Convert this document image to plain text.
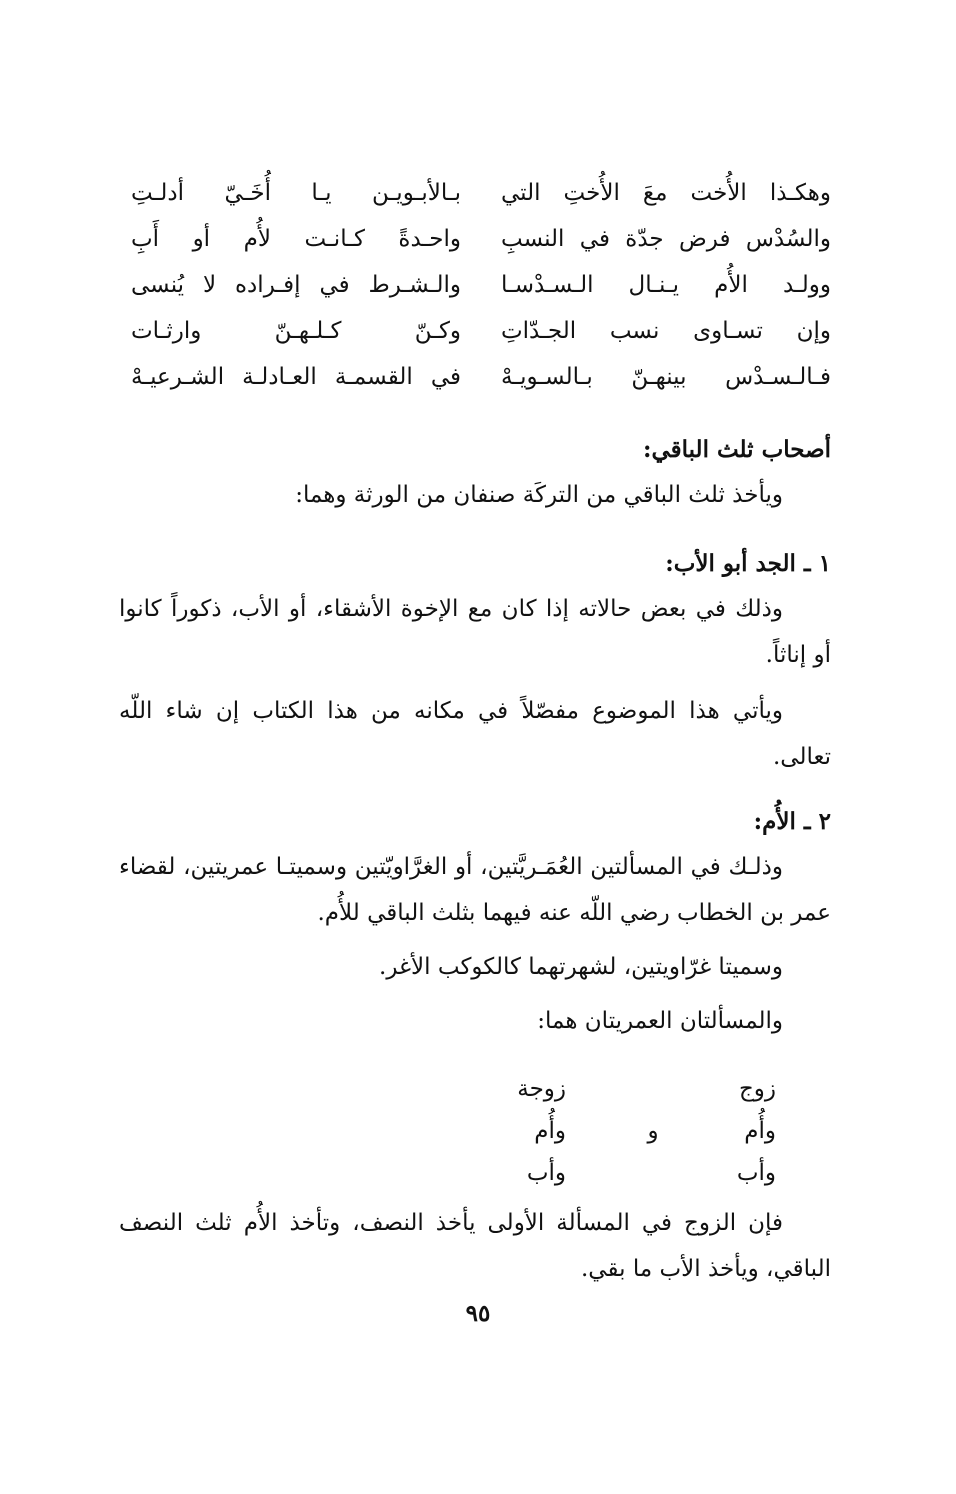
وهكـذا الأُخت معَ الأُختِ التي
بـالأبـويـن يـا أُخَـيّ أدلـتِ
والسُدْس فرض جدّة في النسبِ
واحـدةً كـانـت لأُم أو أَبِ
وولـد الأُم يـنـال الـسـدْسـا
والـشـرط في إفـراده لا يُنسى
وإن تسـاوى نسب الجـدّاتِ
وكـنّ كـلـهـنّ وارثـات
فـالـسـدْس بينهـنّ بـالسـويـهْ
في القسمـة العـادلـة الشـرعيـهْ
أصحاب ثلث الباقي:
ويأخذ ثلث الباقي من التركَة صنفان من الورثة وهما:
١ ـ الجد أبو الأب:
وذلك في بعض حالاته إذا كان مع الإخوة الأشقاء، أو الأب، ذكوراً كانوا أو إناثاً.
ويأتي هذا الموضوع مفصّلاً في مكانه من هذا الكتاب إن شاء اللّه تعالى.
٢ ـ الأُم:
وذلـك في المسألتين العُمَـريَّتين، أو الغرَّاويّتين وسميتـا عمريتين، لقضاء عمر بن الخطاب رضي اللّه عنه فيهما بثلث الباقي للأُم.
وسميتا غرّاويتين، لشهرتهما كالكوكب الأغر.
والمسألتان العمريتان هما:
زوج
وأُم
وأب
و
زوجة
وأُم
وأب
فإن الزوج في المسألة الأولى يأخذ النصف، وتأخذ الأُم ثلث النصف الباقي، ويأخذ الأب ما بقي.
٩٥
